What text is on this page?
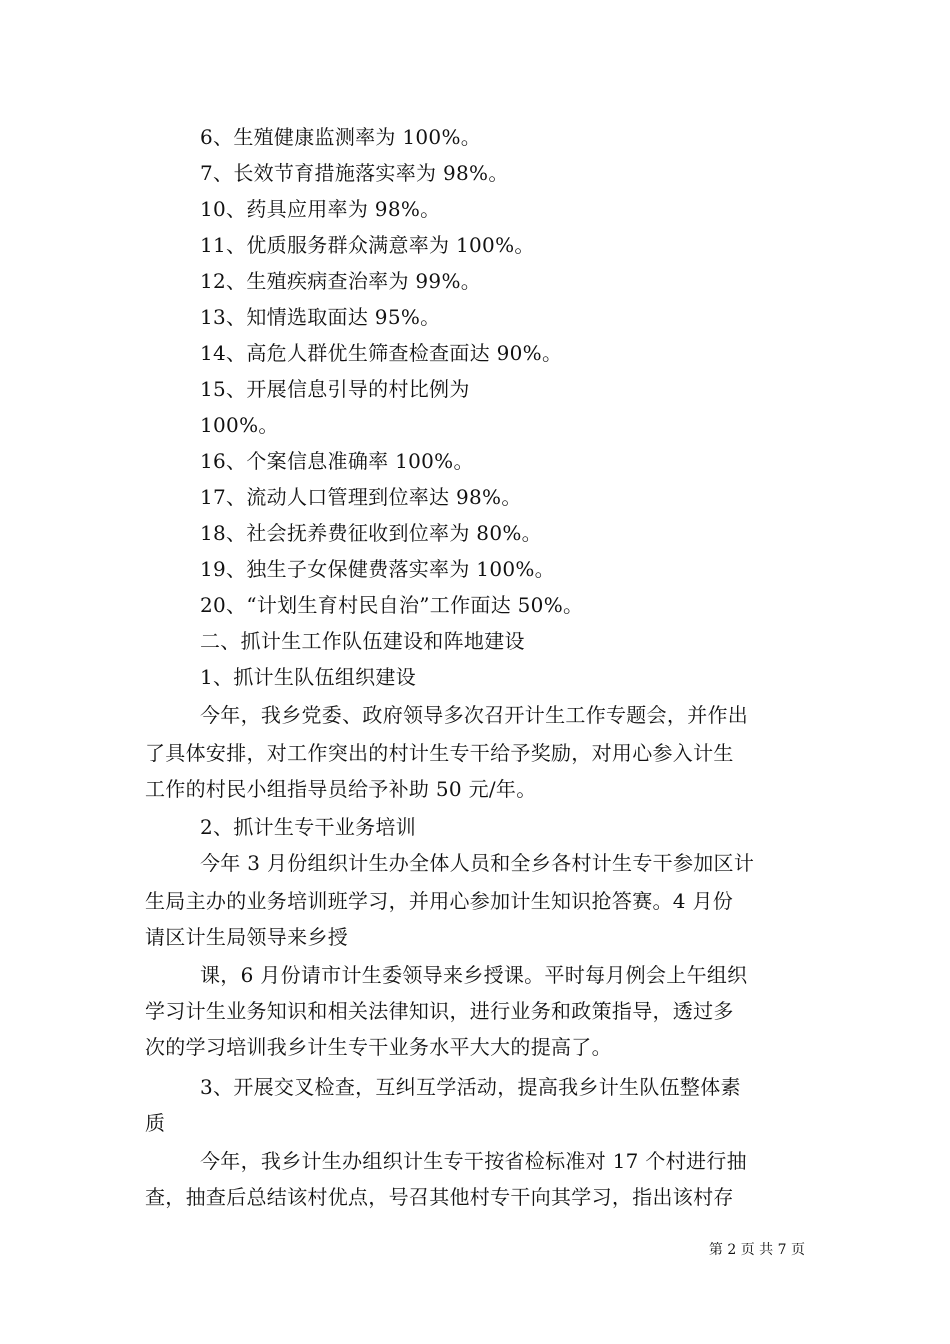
6、生殖健康监测率为 100%。
7、长效节育措施落实率为 98%。
10、药具应用率为 98%。
11、优质服务群众满意率为 100%。
12、生殖疾病查治率为 99%。
13、知情选取面达 95%。
14、高危人群优生筛查检查面达 90%。
15、开展信息引导的村比例为
100%。
16、个案信息准确率 100%。
17、流动人口管理到位率达 98%。
18、社会抚养费征收到位率为 80%。
19、独生子女保健费落实率为 100%。
20、“计划生育村民自治”工作面达 50%。
二、抓计生工作队伍建设和阵地建设
1、抓计生队伍组织建设
今年，我乡党委、政府领导多次召开计生工作专题会，并作出
了具体安排，对工作突出的村计生专干给予奖励，对用心参入计生
工作的村民小组指导员给予补助 50 元/年。
2、抓计生专干业务培训
今年 3 月份组织计生办全体人员和全乡各村计生专干参加区计
生局主办的业务培训班学习，并用心参加计生知识抢答赛。4 月份
请区计生局领导来乡授
课，6 月份请市计生委领导来乡授课。平时每月例会上午组织
学习计生业务知识和相关法律知识，进行业务和政策指导，透过多
次的学习培训我乡计生专干业务水平大大的提高了。
3、开展交叉检查，互纠互学活动，提高我乡计生队伍整体素
质
今年，我乡计生办组织计生专干按省检标准对 17 个村进行抽
查，抽查后总结该村优点，号召其他村专干向其学习，指出该村存
第 2 页 共 7 页
